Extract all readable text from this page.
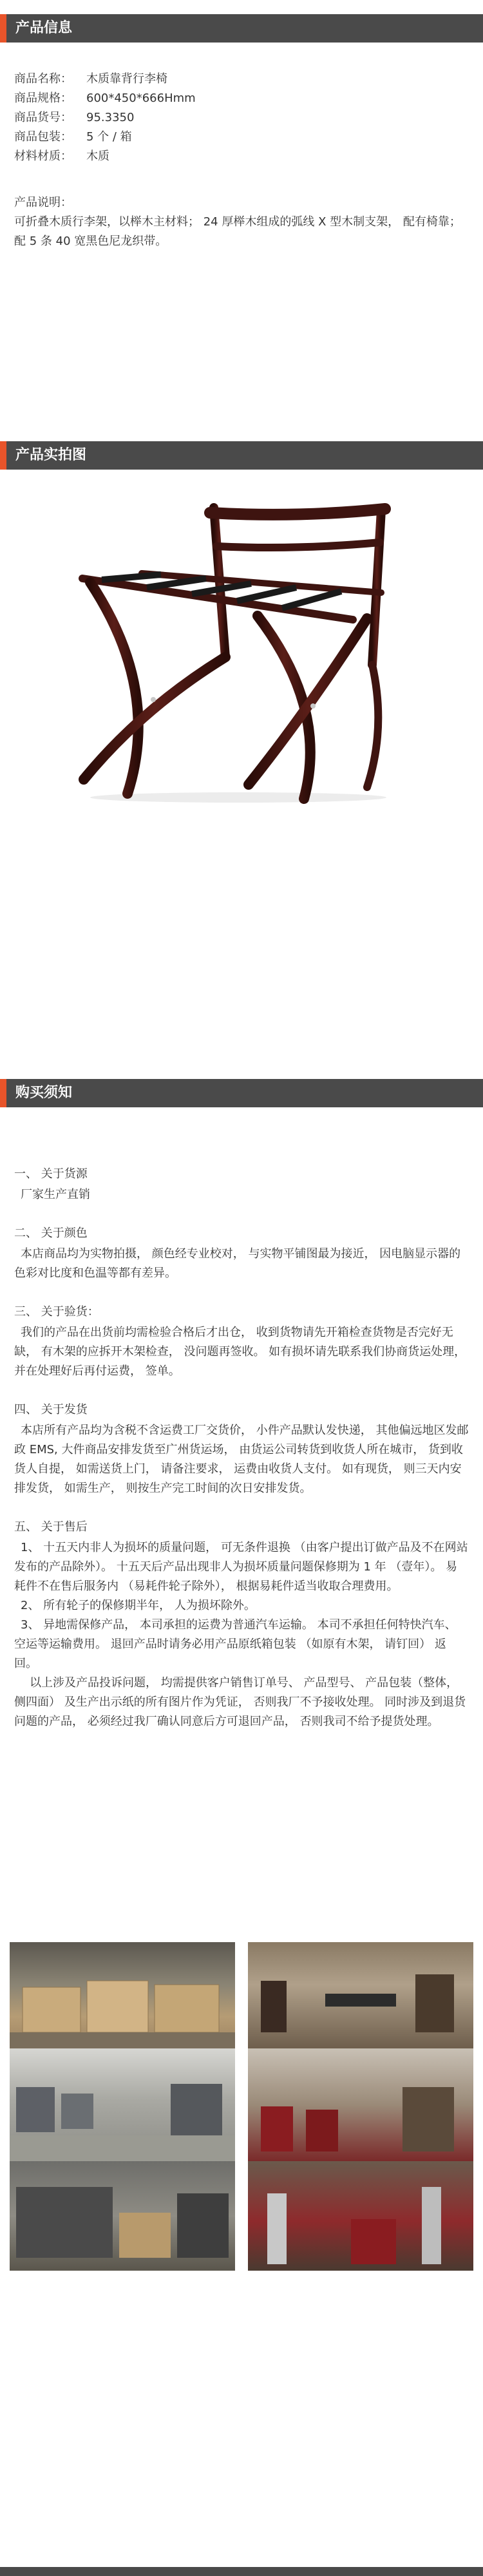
产品信息
商品名称： 木质靠背行李椅
商品规格： 600*450*666Hmm
商品货号： 95.3350
商品包装： 5 个 / 箱
材料材质： 木质
产品说明：
可折叠木质行李架，以榉木主材料； 24 厚榉木组成的弧线 X 型木制支架， 配有椅靠； 配 5 条 40 宽黑色尼龙织带。
产品实拍图
购买须知
一、 关于货源
厂家生产直销
二、 关于颜色
本店商品均为实物拍摄， 颜色经专业校对， 与实物平铺图最为接近， 因电脑显示器的色彩对比度和色温等都有差异。
三、 关于验货：
我们的产品在出货前均需检验合格后才出仓， 收到货物请先开箱检查货物是否完好无缺， 有木架的应拆开木架检查， 没问题再签收。 如有损坏请先联系我们协商货运处理， 并在处理好后再付运费， 签单。
四、 关于发货
本店所有产品均为含税不含运费工厂交货价， 小件产品默认发快递， 其他偏远地区发邮政 EMS, 大件商品安排发货至广州货运场， 由货运公司转货到收货人所在城市， 货到收货人自提， 如需送货上门， 请备注要求， 运费由收货人支付。 如有现货， 则三天内安排发货， 如需生产， 则按生产完工时间的次日安排发货。
五、 关于售后
1、 十五天内非人为损坏的质量问题， 可无条件退换 （由客户提出订做产品及不在网站发布的产品除外）。 十五天后产品出现非人为损坏质量问题保修期为 1 年 （壹年）。 易耗件不在售后服务内 （易耗件轮子除外）， 根据易耗件适当收取合理费用。
2、 所有轮子的保修期半年， 人为损坏除外。
3、 异地需保修产品， 本司承担的运费为普通汽车运输。 本司不承担任何特快汽车、 空运等运输费用。 退回产品时请务必用产品原纸箱包装 （如原有木架， 请钉回） 返回。
以上涉及产品投诉问题， 均需提供客户销售订单号、 产品型号、 产品包装（整体， 侧四面） 及生产出示纸的所有图片作为凭证， 否则我厂不予接收处理。 同时涉及到退货问题的产品， 必须经过我厂确认同意后方可退回产品， 否则我司不给予提货处理。
